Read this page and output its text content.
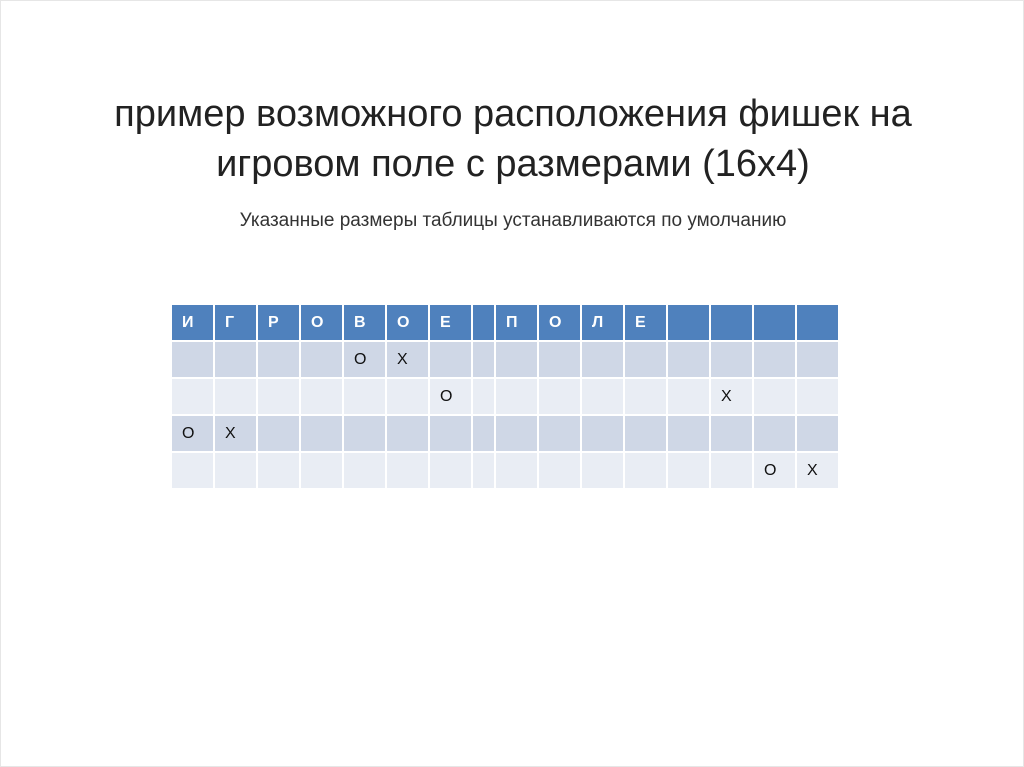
пример возможного расположения фишек на
игровом поле с размерами (16х4)

Указанные размеры таблицы устанавливаются по умолчанию

И	Г	Р	О	В	О	Е		П	О	Л	Е				
				O	X										
						O							X		
O	X														
														O	X
